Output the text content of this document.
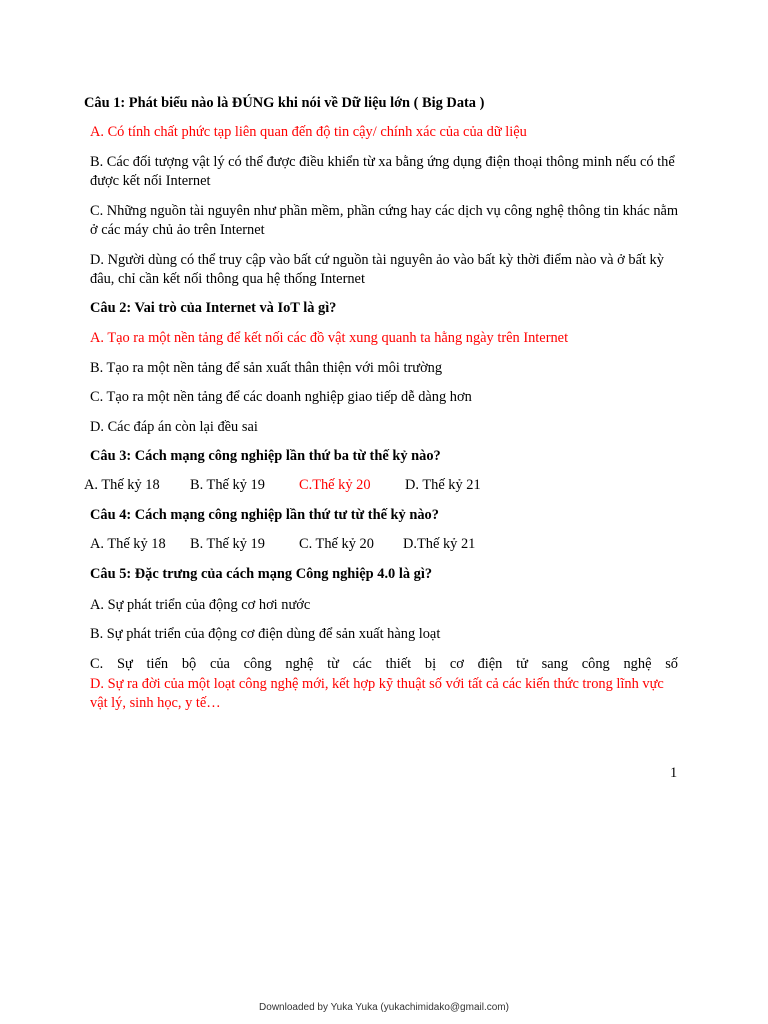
Câu 1: Phát biểu nào là ĐÚNG khi nói về Dữ liệu lớn ( Big Data )
A. Có tính chất phức tạp liên quan đến độ tin cậy/ chính xác của của dữ liệu
B. Các đối tượng vật lý có thể được điều khiển từ xa bằng ứng dụng điện thoại thông minh nếu có thể được kết nối Internet
C. Những nguồn tài nguyên như phần mềm, phần cứng hay các dịch vụ công nghệ thông tin khác nằm ở các máy chủ ảo trên Internet
D. Người dùng có thể truy cập vào bất cứ nguồn tài nguyên ảo vào bất kỳ thời điểm nào và ở bất kỳ đâu, chỉ cần kết nối thông qua hệ thống Internet
Câu 2: Vai trò của Internet và IoT là gì?
A. Tạo ra một nền tảng để kết nối các đồ vật xung quanh ta hằng ngày trên Internet
B. Tạo ra một nền tảng để sản xuất thân thiện với môi trường
C. Tạo ra một nền tảng để các doanh nghiệp giao tiếp dễ dàng hơn
D. Các đáp án còn lại đều sai
Câu 3: Cách mạng công nghiệp lần thứ ba từ thế kỷ nào?
A. Thế kỷ 18 B. Thế kỷ 19 C.Thế kỷ 20 D. Thế kỷ 21
Câu 4: Cách mạng công nghiệp lần thứ tư từ thế kỷ nào?
A. Thế kỷ 18 B. Thế kỷ 19 C. Thế kỷ 20 D.Thế kỷ 21
Câu 5: Đặc trưng của cách mạng Công nghiệp 4.0 là gì?
A. Sự phát triển của động cơ hơi nước
B. Sự phát triển của động cơ điện dùng để sản xuất hàng loạt
C. Sự tiến bộ của công nghệ từ các thiết bị cơ điện tử sang công nghệ số
D. Sự ra đời của một loạt công nghệ mới, kết hợp kỹ thuật số với tất cả các kiến thức trong lĩnh vực vật lý, sinh học, y tế…
1
Downloaded by Yuka Yuka (yukachimidako@gmail.com)
